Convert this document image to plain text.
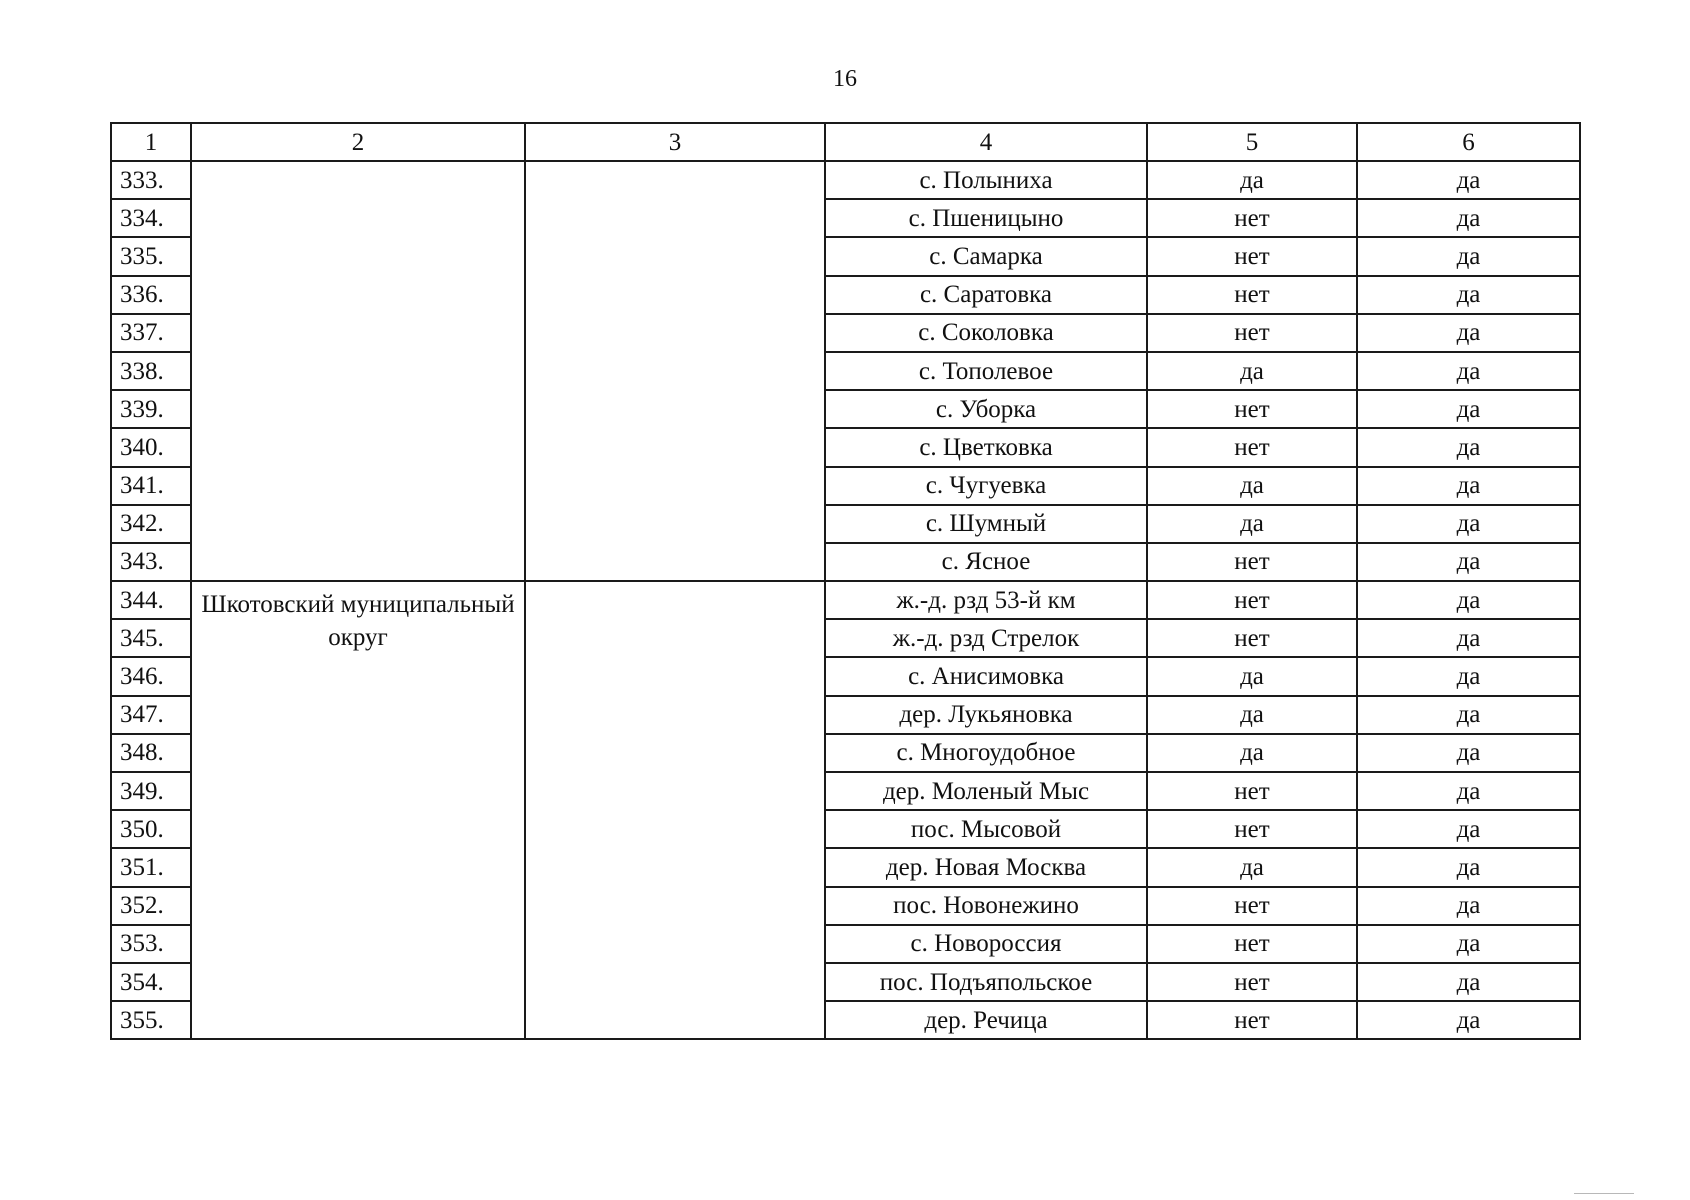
16
1	2	3	4	5	6
333.			с. Полыниха	да	да
334.			с. Пшеницыно	нет	да
335.			с. Самарка	нет	да
336.			с. Саратовка	нет	да
337.			с. Соколовка	нет	да
338.			с. Тополевое	да	да
339.			с. Уборка	нет	да
340.			с. Цветковка	нет	да
341.			с. Чугуевка	да	да
342.			с. Шумный	да	да
343.			с. Ясное	нет	да
344.	Шкотовский муниципальный округ		ж.-д. рзд 53-й км	нет	да
345.			ж.-д. рзд Стрелок	нет	да
346.			с. Анисимовка	да	да
347.			дер. Лукьяновка	да	да
348.			с. Многоудобное	да	да
349.			дер. Моленый Мыс	нет	да
350.			пос. Мысовой	нет	да
351.			дер. Новая Москва	да	да
352.			пос. Новонежино	нет	да
353.			с. Новороссия	нет	да
354.			пос. Подъяпольское	нет	да
355.			дер. Речица	нет	да
